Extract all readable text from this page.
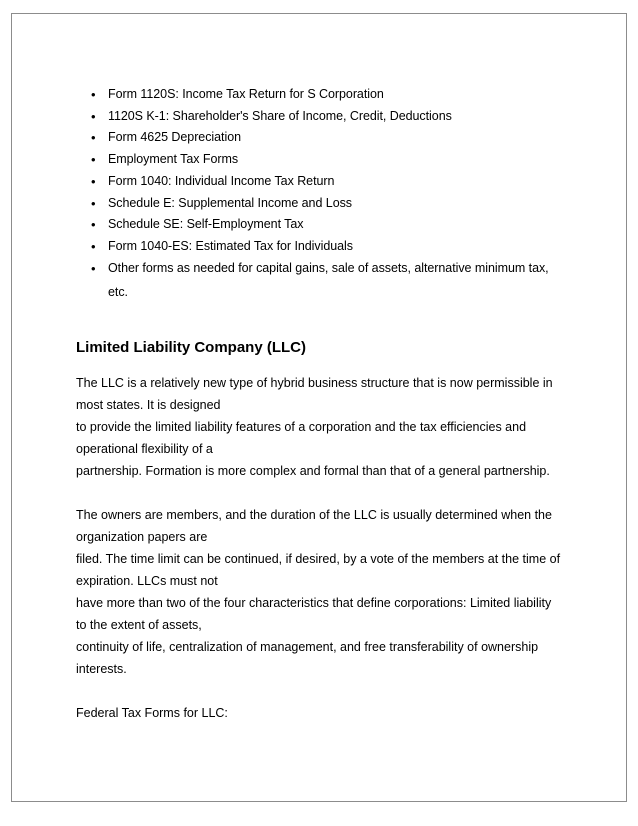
• Form 1120S: Income Tax Return for S Corporation
• 1120S K-1: Shareholder's Share of Income, Credit, Deductions
• Form 4625 Depreciation
• Employment Tax Forms
• Form 1040: Individual Income Tax Return
• Schedule E: Supplemental Income and Loss
• Schedule SE: Self-Employment Tax
• Form 1040-ES: Estimated Tax for Individuals
• Other forms as needed for capital gains, sale of assets, alternative minimum tax,
etc.
Limited Liability Company (LLC)

The LLC is a relatively new type of hybrid business structure that is now permissible in

most states. It is designed

to provide the limited liability features of a corporation and the tax efficiencies and

operational flexibility of a

partnership. Formation is more complex and formal than that of a general partnership.

The owners are members, and the duration of the LLC is usually determined when the

organization papers are

filed. The time limit can be continued, if desired, by a vote of the members at the time of

expiration. LLCs must not

have more than two of the four characteristics that define corporations: Limited liability

to the extent of assets,

continuity of life, centralization of management, and free transferability of ownership

interests.

Federal Tax Forms for LLC:
